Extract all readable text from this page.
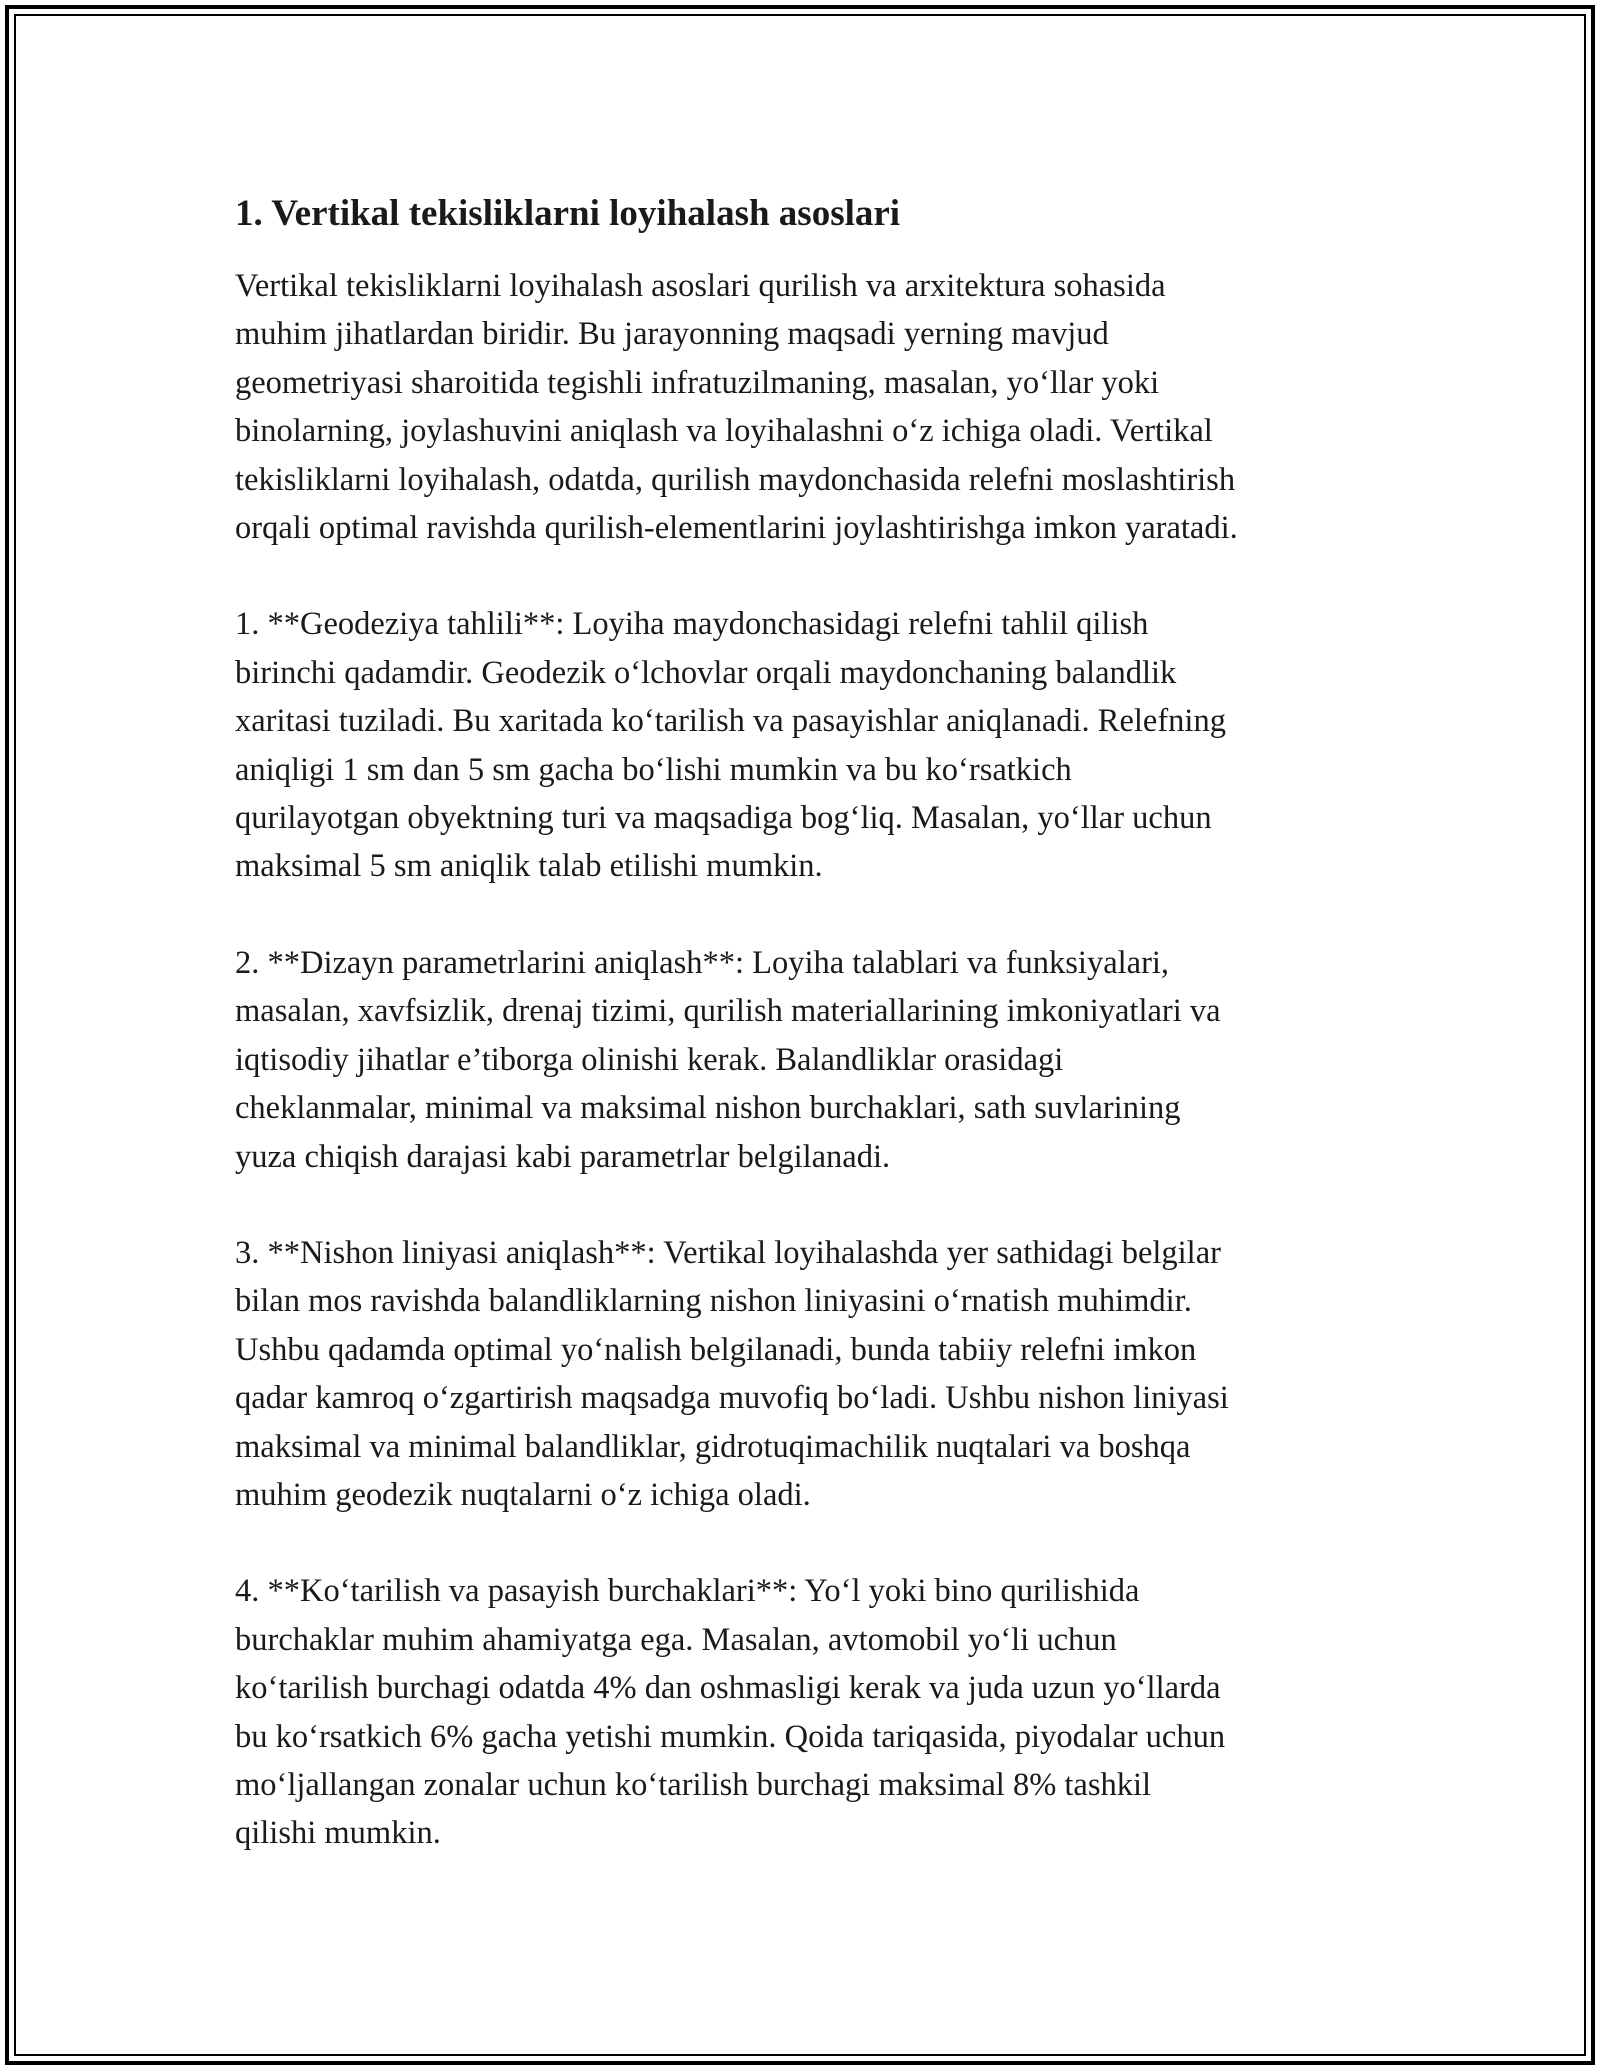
1. Vertikal tekisliklarni loyihalash asoslari
Vertikal tekisliklarni loyihalash asoslari qurilish va arxitektura sohasida
muhim jihatlardan biridir. Bu jarayonning maqsadi yerning mavjud
geometriyasi sharoitida tegishli infratuzilmaning, masalan, yo‘llar yoki
binolarning, joylashuvini aniqlash va loyihalashni o‘z ichiga oladi. Vertikal
tekisliklarni loyihalash, odatda, qurilish maydonchasida relefni moslashtirish
orqali optimal ravishda qurilish-elementlarini joylashtirishga imkon yaratadi.
1. **Geodeziya tahlili**: Loyiha maydonchasidagi relefni tahlil qilish
birinchi qadamdir. Geodezik o‘lchovlar orqali maydonchaning balandlik
xaritasi tuziladi. Bu xaritada ko‘tarilish va pasayishlar aniqlanadi. Relefning
aniqligi 1 sm dan 5 sm gacha bo‘lishi mumkin va bu ko‘rsatkich
qurilayotgan obyektning turi va maqsadiga bog‘liq. Masalan, yo‘llar uchun
maksimal 5 sm aniqlik talab etilishi mumkin.
2. **Dizayn parametrlarini aniqlash**: Loyiha talablari va funksiyalari,
masalan, xavfsizlik, drenaj tizimi, qurilish materiallarining imkoniyatlari va
iqtisodiy jihatlar e’tiborga olinishi kerak. Balandliklar orasidagi
cheklanmalar, minimal va maksimal nishon burchaklari, sath suvlarining
yuza chiqish darajasi kabi parametrlar belgilanadi.
3. **Nishon liniyasi aniqlash**: Vertikal loyihalashda yer sathidagi belgilar
bilan mos ravishda balandliklarning nishon liniyasini o‘rnatish muhimdir.
Ushbu qadamda optimal yo‘nalish belgilanadi, bunda tabiiy relefni imkon
qadar kamroq o‘zgartirish maqsadga muvofiq bo‘ladi. Ushbu nishon liniyasi
maksimal va minimal balandliklar, gidrotuqimachilik nuqtalari va boshqa
muhim geodezik nuqtalarni o‘z ichiga oladi.
4. **Ko‘tarilish va pasayish burchaklari**: Yo‘l yoki bino qurilishida
burchaklar muhim ahamiyatga ega. Masalan, avtomobil yo‘li uchun
ko‘tarilish burchagi odatda 4% dan oshmasligi kerak va juda uzun yo‘llarda
bu ko‘rsatkich 6% gacha yetishi mumkin. Qoida tariqasida, piyodalar uchun
mo‘ljallangan zonalar uchun ko‘tarilish burchagi maksimal 8% tashkil
qilishi mumkin.
